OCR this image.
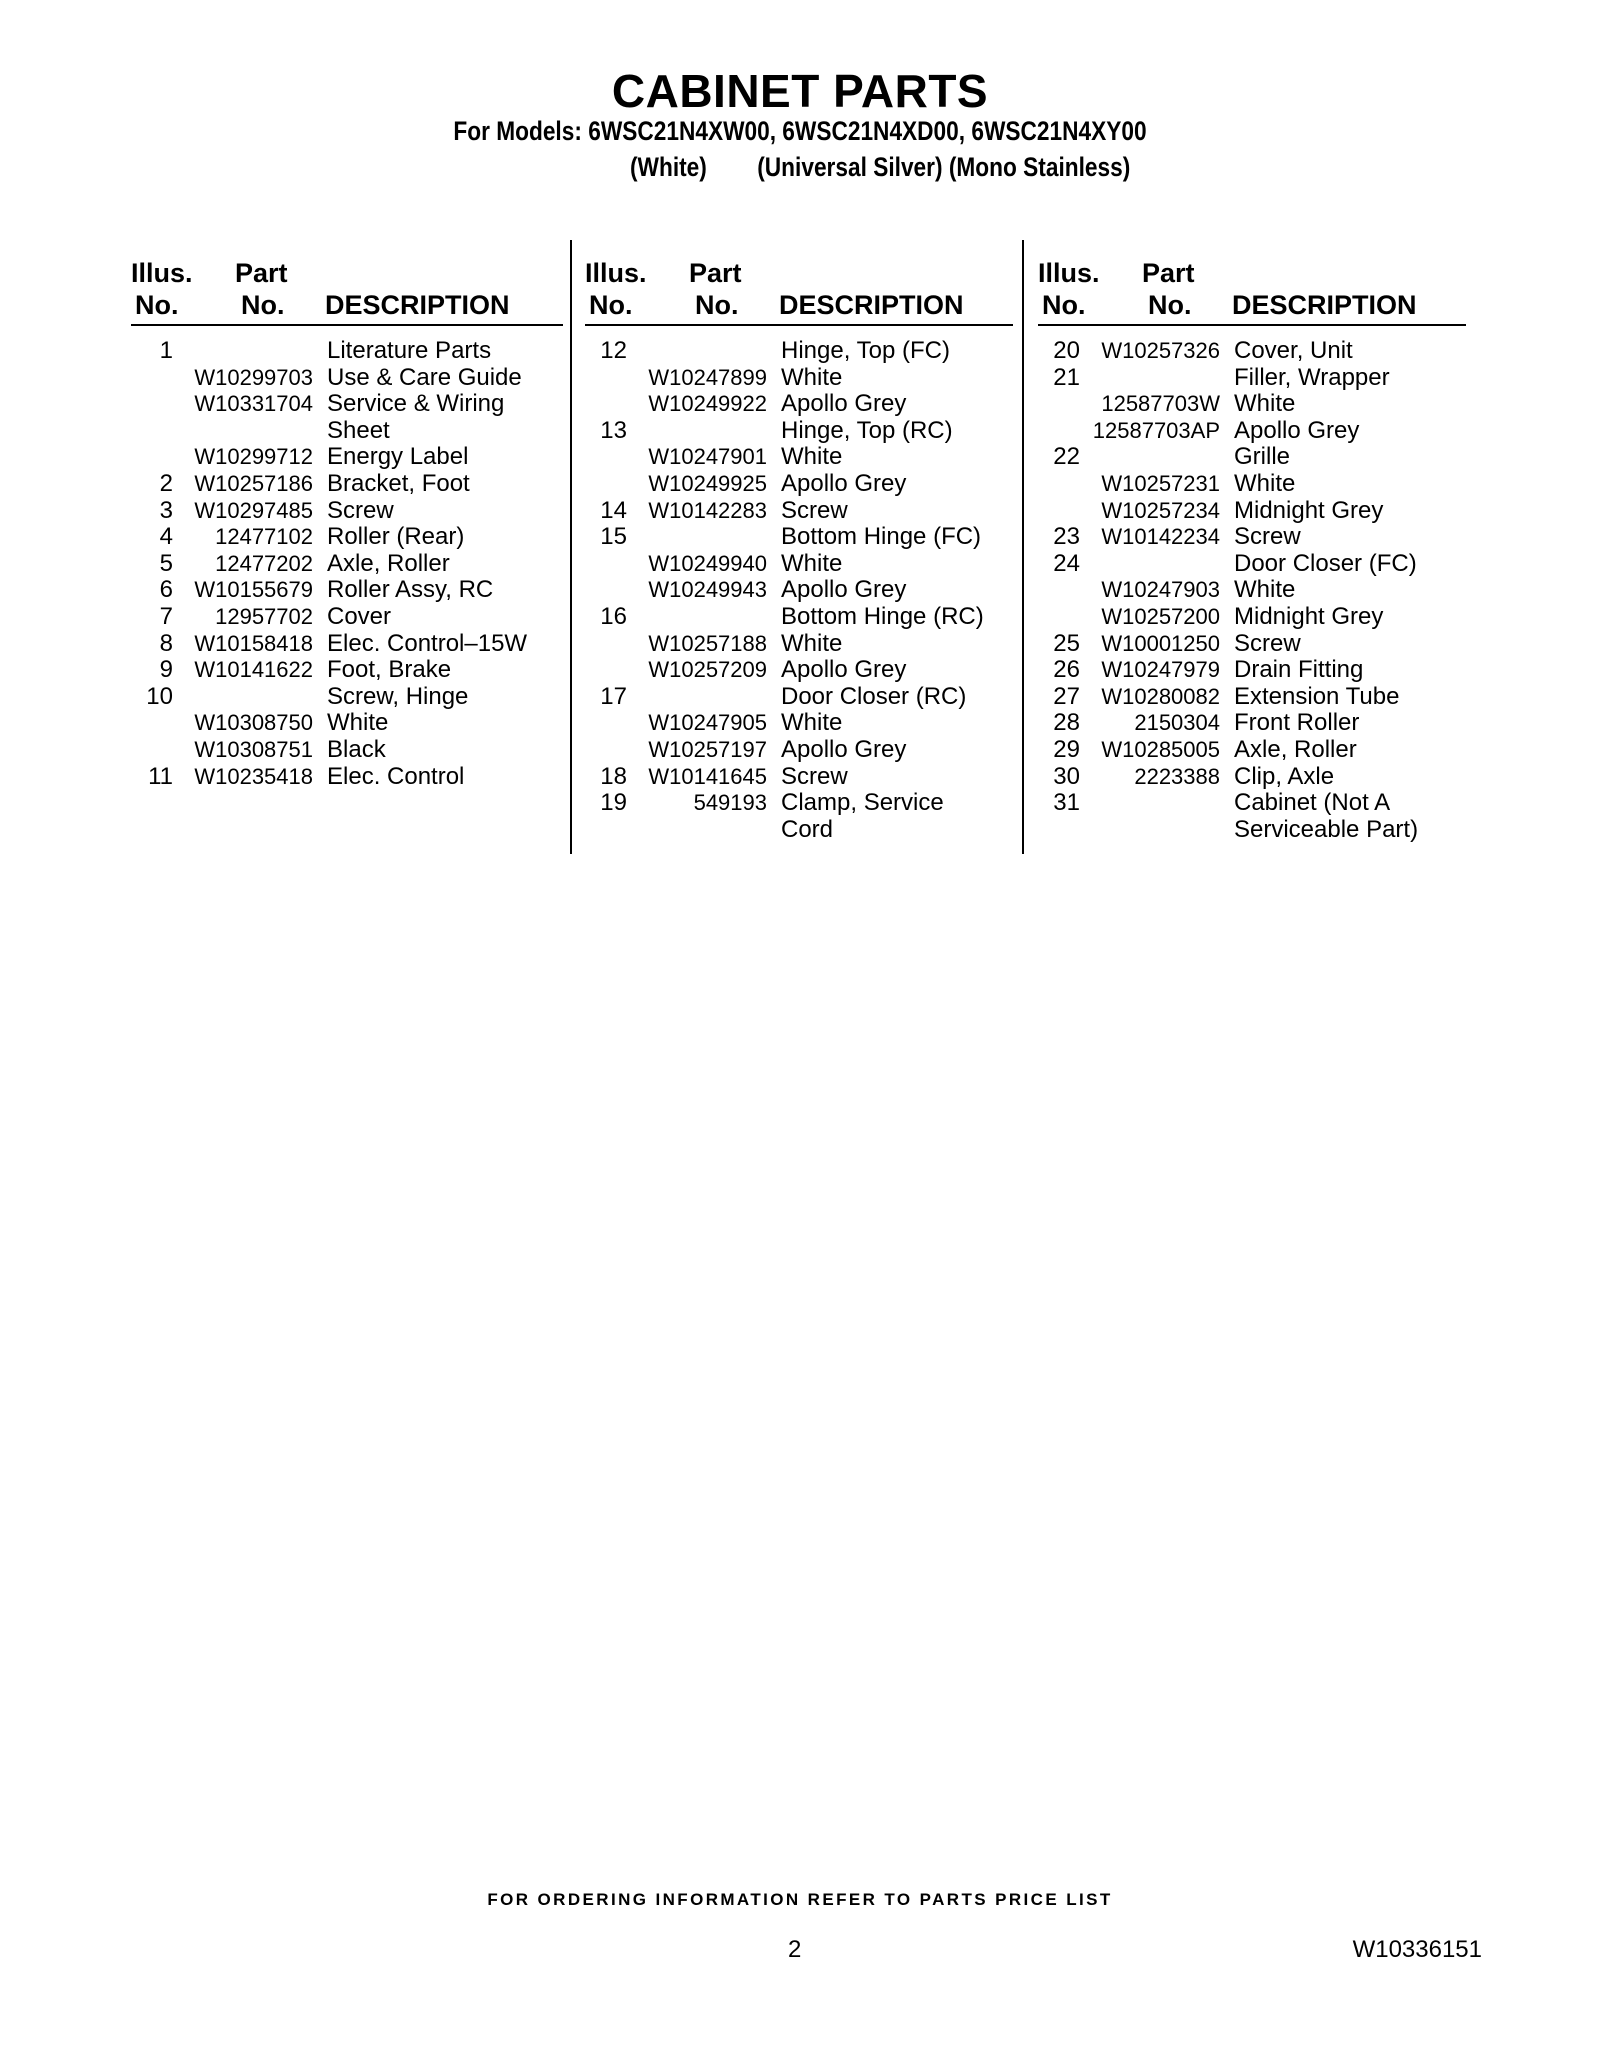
CABINET PARTS
For Models: 6WSC21N4XW00, 6WSC21N4XD00, 6WSC21N4XY00
(White)        (Universal Silver) (Mono Stainless)
Illus. Part
No. No. DESCRIPTION
1	Literature Parts
W10299703 Use & Care Guide
W10331704 Service & Wiring
Sheet
W10299712 Energy Label
2 W10257186 Bracket, Foot
3 W10297485 Screw
4	12477102 Roller (Rear)
5	12477202 Axle, Roller
6 W10155679 Roller Assy, RC
7	12957702 Cover
8 W10158418 Elec. Control–15W
9 W10141622 Foot, Brake
10	Screw, Hinge
W10308750 White
W10308751 Black
11 W10235418 Elec. Control
Illus. Part
No. No. DESCRIPTION
12	Hinge, Top (FC)
W10247899 White
W10249922 Apollo Grey
13	Hinge, Top (RC)
W10247901 White
W10249925 Apollo Grey
14 W10142283 Screw
15	Bottom Hinge (FC)
W10249940 White
W10249943 Apollo Grey
16	Bottom Hinge (RC)
W10257188 White
W10257209 Apollo Grey
17	Door Closer (RC)
W10247905 White
W10257197 Apollo Grey
18 W10141645 Screw
19	549193 Clamp, Service
Cord
Illus. Part
No. No. DESCRIPTION
20 W10257326 Cover, Unit
21	Filler, Wrapper
12587703W White
12587703AP Apollo Grey
22	Grille
W10257231 White
W10257234 Midnight Grey
23 W10142234 Screw
24	Door Closer (FC)
W10247903 White
W10257200 Midnight Grey
25 W10001250 Screw
26 W10247979 Drain Fitting
27 W10280082 Extension Tube
28	2150304 Front Roller
29 W10285005 Axle, Roller
30	2223388 Clip, Axle
31	Cabinet (Not A
Serviceable Part)
FOR ORDERING INFORMATION REFER TO PARTS PRICE LIST
2	W10336151
